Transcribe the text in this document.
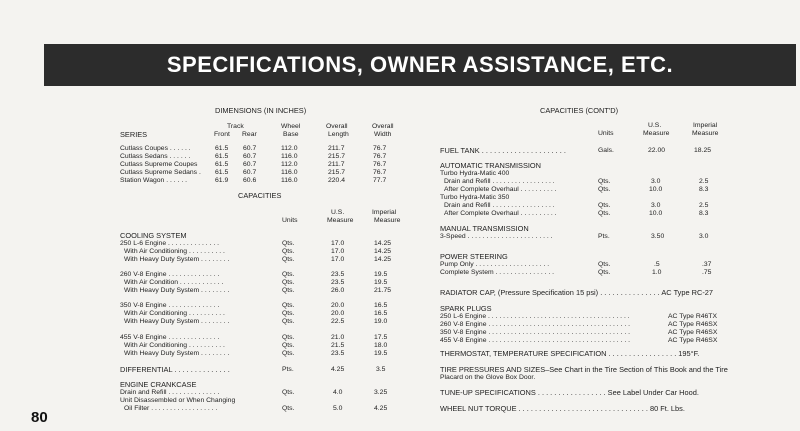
SPECIFICATIONS, OWNER ASSISTANCE, ETC.
DIMENSIONS (IN INCHES)
Track
Front Rear
Wheel
Base
Overall
Length
Overall
Width
SERIES
Cutlass Coupes . . . . . .	61.5 60.7	112.0	211.7	76.7
Cutlass Sedans . . . . . .	61.5 60.7	116.0	215.7	76.7
Cutlass Supreme Coupes	61.5 60.7	112.0	211.7	76.7
Cutlass Supreme Sedans . 61.5 60.7	116.0	215.7	76.7
Station Wagon . . . . . .	61.9 60.6	116.0	220.4	77.7
CAPACITIES
Units
U.S.
Measure
Imperial
Measure
COOLING SYSTEM
250 L-6 Engine . . . . . . . . . . . . . .	Qts.	17.0	14.25
With Air Conditioning . . . . . . . . . .	Qts.	17.0	14.25
With Heavy Duty System . . . . . . . .	Qts.	17.0	14.25
260 V-8 Engine . . . . . . . . . . . . . .	Qts.	23.5	19.5
With Air Condition . . . . . . . . . . . .	Qts.	23.5	19.5
With Heavy Duty System . . . . . . . .	Qts.	26.0	21.75
350 V-8 Engine . . . . . . . . . . . . . .	Qts.	20.0	16.5
With Air Conditioning . . . . . . . . . .	Qts.	20.0	16.5
With Heavy Duty System . . . . . . . .	Qts.	22.5	19.0
455 V-8 Engine . . . . . . . . . . . . . .	Qts.	21.0	17.5
With Air Conditioning . . . . . . . . . .	Qts.	21.5	18.0
With Heavy Duty System . . . . . . . .	Qts.	23.5	19.5
DIFFERENTIAL . . . . . . . . . . . . . .	Pts.	4.25	3.5
ENGINE CRANKCASE
Drain and Refill . . . . . . . . . . . . . .	Qts.	4.0	3.25
Unit Disassembled or When Changing
Oil Filter . . . . . . . . . . . . . . . . . .	Qts.	5.0	4.25
80
CAPACITIES (CONT'D)
Units
U.S.
Measure
Imperial
Measure
FUEL TANK . . . . . . . . . . . . . . . . . . . . .	Gals.	22.00	18.25
AUTOMATIC TRANSMISSION
Turbo Hydra-Matic 400
Drain and Refill . . . . . . . . . . . . . . . . .	Qts.	3.0	2.5
After Complete Overhaul . . . . . . . . . .	Qts.	10.0	8.3
Turbo Hydra-Matic 350
Drain and Refill . . . . . . . . . . . . . . . . .	Qts.	3.0	2.5
After Complete Overhaul . . . . . . . . . .	Qts.	10.0	8.3
MANUAL TRANSMISSION
3-Speed . . . . . . . . . . . . . . . . . . . . . . .	Pts.	3.50	3.0
POWER STEERING
Pump Only . . . . . . . . . . . . . . . . . . . .	Qts.	.5	.37
Complete System . . . . . . . . . . . . . . . .	Qts.	1.0	.75
RADIATOR CAP, (Pressure Specification 15 psi) . . . . . . . . . . . . . . . AC Type RC-27
SPARK PLUGS
250 L-6 Engine . . . . . . . . . . . . . . . . . . . . . . . . . . . . . . . . . . . . . .	AC Type R46TX
260 V-8 Engine . . . . . . . . . . . . . . . . . . . . . . . . . . . . . . . . . . . . . .	AC Type R46SX
350 V-8 Engine . . . . . . . . . . . . . . . . . . . . . . . . . . . . . . . . . . . . . .	AC Type R46SX
455 V-8 Engine . . . . . . . . . . . . . . . . . . . . . . . . . . . . . . . . . . . . . .	AC Type R46SX
THERMOSTAT, TEMPERATURE SPECIFICATION . . . . . . . . . . . . . . . . . 195°F.
TIRE PRESSURES AND SIZES–See Chart in the Tire Section of This Book and the Tire
Placard on the Glove Box Door.
TUNE-UP SPECIFICATIONS . . . . . . . . . . . . . . . . . See Label Under Car Hood.
WHEEL NUT TORQUE . . . . . . . . . . . . . . . . . . . . . . . . . . . . . . . . 80 Ft. Lbs.
